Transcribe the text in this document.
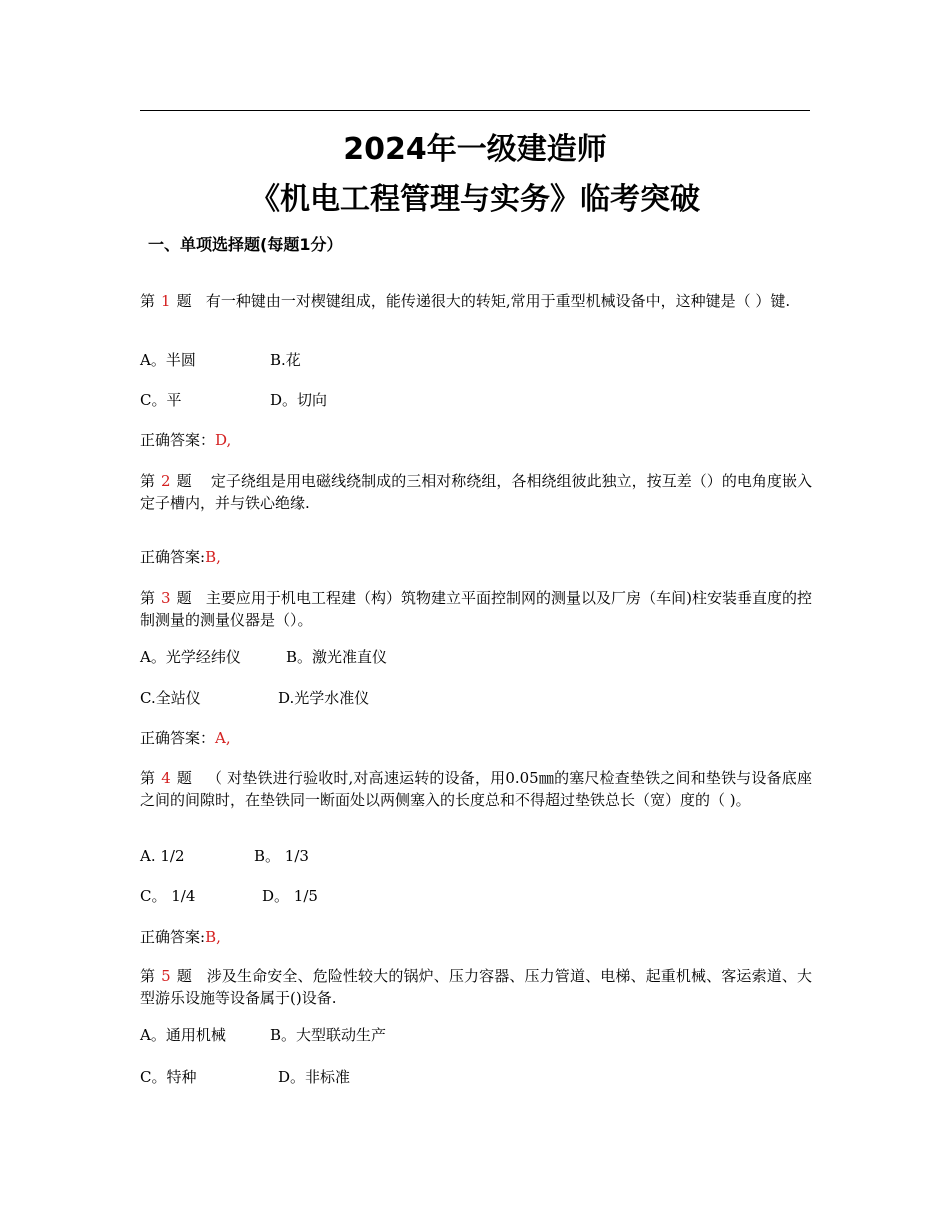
2024年一级建造师
《机电工程管理与实务》临考突破
一、单项选择题(每题1分）
第 1 题 有一种键由一对楔键组成，能传递很大的转矩,常用于重型机械设备中，这种键是（ ）键.
A。半圆	B.花
C。平	D。切向
正确答案：D,
第 2 题    定子绕组是用电磁线绕制成的三相对称绕组，各相绕组彼此独立，按互差（）的电角度嵌入定子槽内，并与铁心绝缘.
正确答案:B,
第 3 题 主要应用于机电工程建（构）筑物建立平面控制网的测量以及厂房（车间)柱安装垂直度的控制测量的测量仪器是（）。
A。光学经纬仪	B。激光准直仪
C.全站仪	D.光学水准仪
正确答案：A,
第 4 题 （ 对垫铁进行验收时,对高速运转的设备，用0.05㎜的塞尺检查垫铁之间和垫铁与设备底座之间的间隙时，在垫铁同一断面处以两侧塞入的长度总和不得超过垫铁总长（宽）度的（ )。
A. 1/2	B。 1/3
C。 1/4	D。 1/5
正确答案:B,
第 5 题 涉及生命安全、危险性较大的锅炉、压力容器、压力管道、电梯、起重机械、客运索道、大型游乐设施等设备属于()设备.
A。通用机械	B。大型联动生产
C。特种	D。非标准
